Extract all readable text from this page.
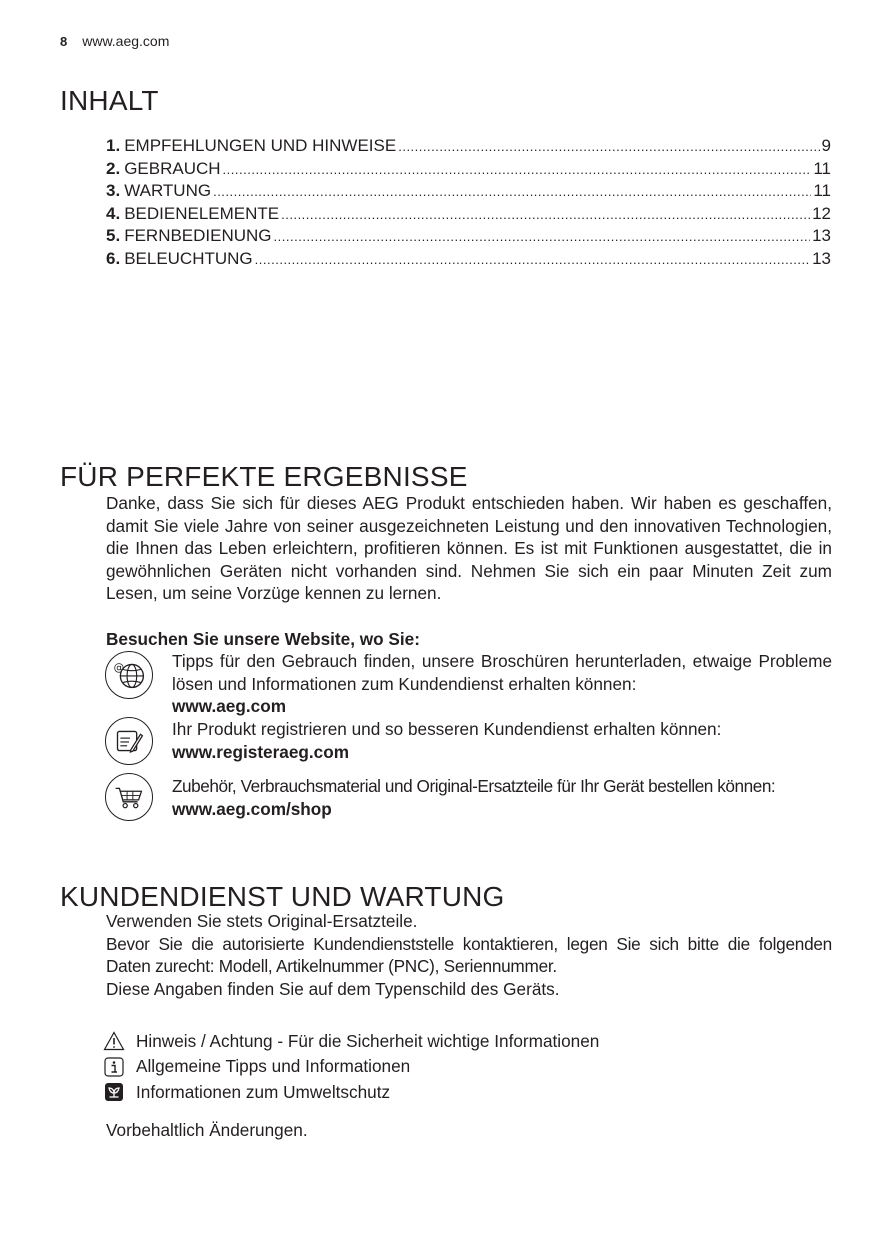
8 www.aeg.com
INHALT
1. EMPFEHLUNGEN UND HINWEISE .....	9
2. GEBRAUCH .....	11
3. WARTUNG .....	11
4. BEDIENELEMENTE .....	12
5. FERNBEDIENUNG .....	13
6. BELEUCHTUNG .....	13
FÜR PERFEKTE ERGEBNISSE
Danke, dass Sie sich für dieses AEG Produkt entschieden haben. Wir haben es geschaffen, damit Sie viele Jahre von seiner ausgezeichneten Leistung und den innovativen Technologien, die Ihnen das Leben erleichtern, profitieren können. Es ist mit Funktionen ausgestattet, die in gewöhnlichen Geräten nicht vorhanden sind. Nehmen Sie sich ein paar Minuten Zeit zum Lesen, um seine Vorzüge kennen zu lernen.
Besuchen Sie unsere Website, wo Sie:
@	Tipps für den Gebrauch finden, unsere Broschüren herunterladen, etwaige Probleme lösen und Informationen zum Kundendienst erhalten können:
www.aeg.com
Ihr Produkt registrieren und so besseren Kundendienst erhalten können:
www.registeraeg.com
Zubehör, Verbrauchsmaterial und Original-Ersatzteile für Ihr Gerät bestellen können:
www.aeg.com/shop
KUNDENDIENST UND WARTUNG
Verwenden Sie stets Original-Ersatzteile.
Bevor Sie die autorisierte Kundendienststelle kontaktieren, legen Sie sich bitte die folgenden Daten zurecht: Modell, Artikelnummer (PNC), Seriennummer.
Diese Angaben finden Sie auf dem Typenschild des Geräts.
Hinweis / Achtung - Für die Sicherheit wichtige Informationen
Allgemeine Tipps und Informationen
Informationen zum Umweltschutz
Vorbehaltlich Änderungen.
